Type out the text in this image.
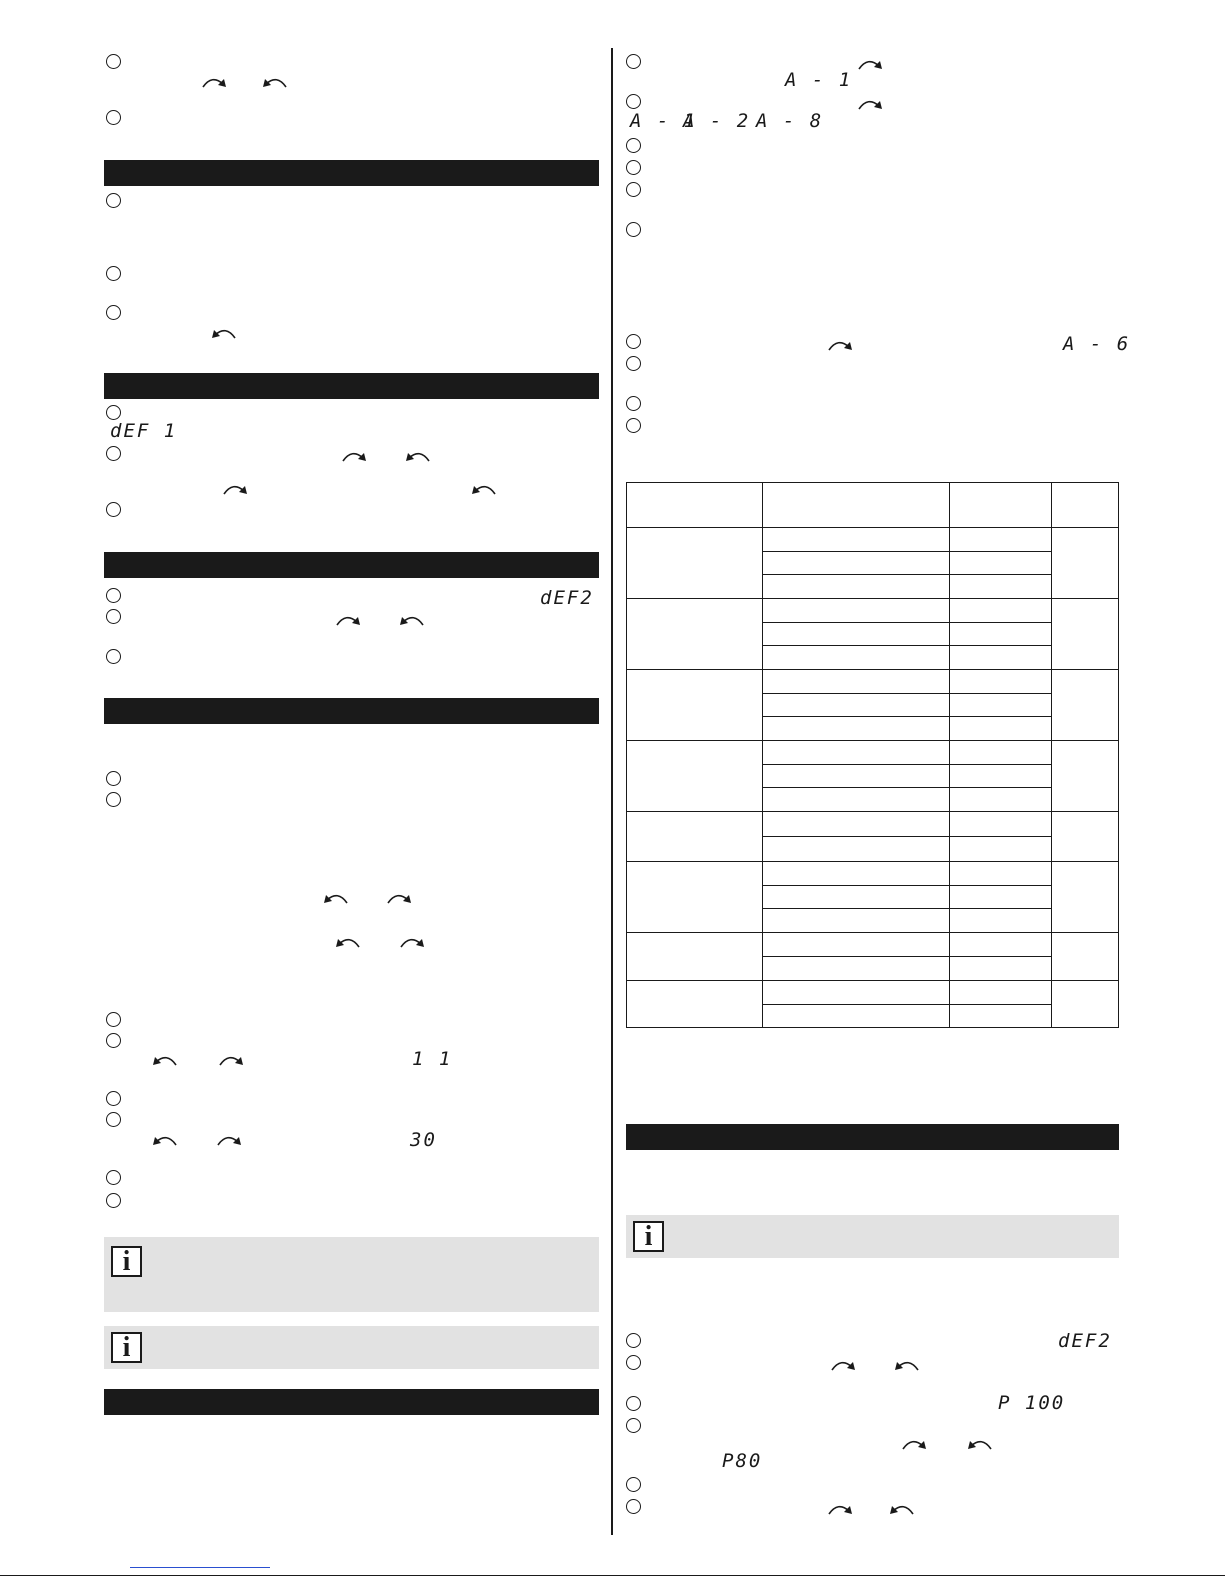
dEF 1
dEF2
1 1
30
i
i
A - 1
A - 1
A - 2 A - 8
A - 6

i
dEF2
P 100
P80
